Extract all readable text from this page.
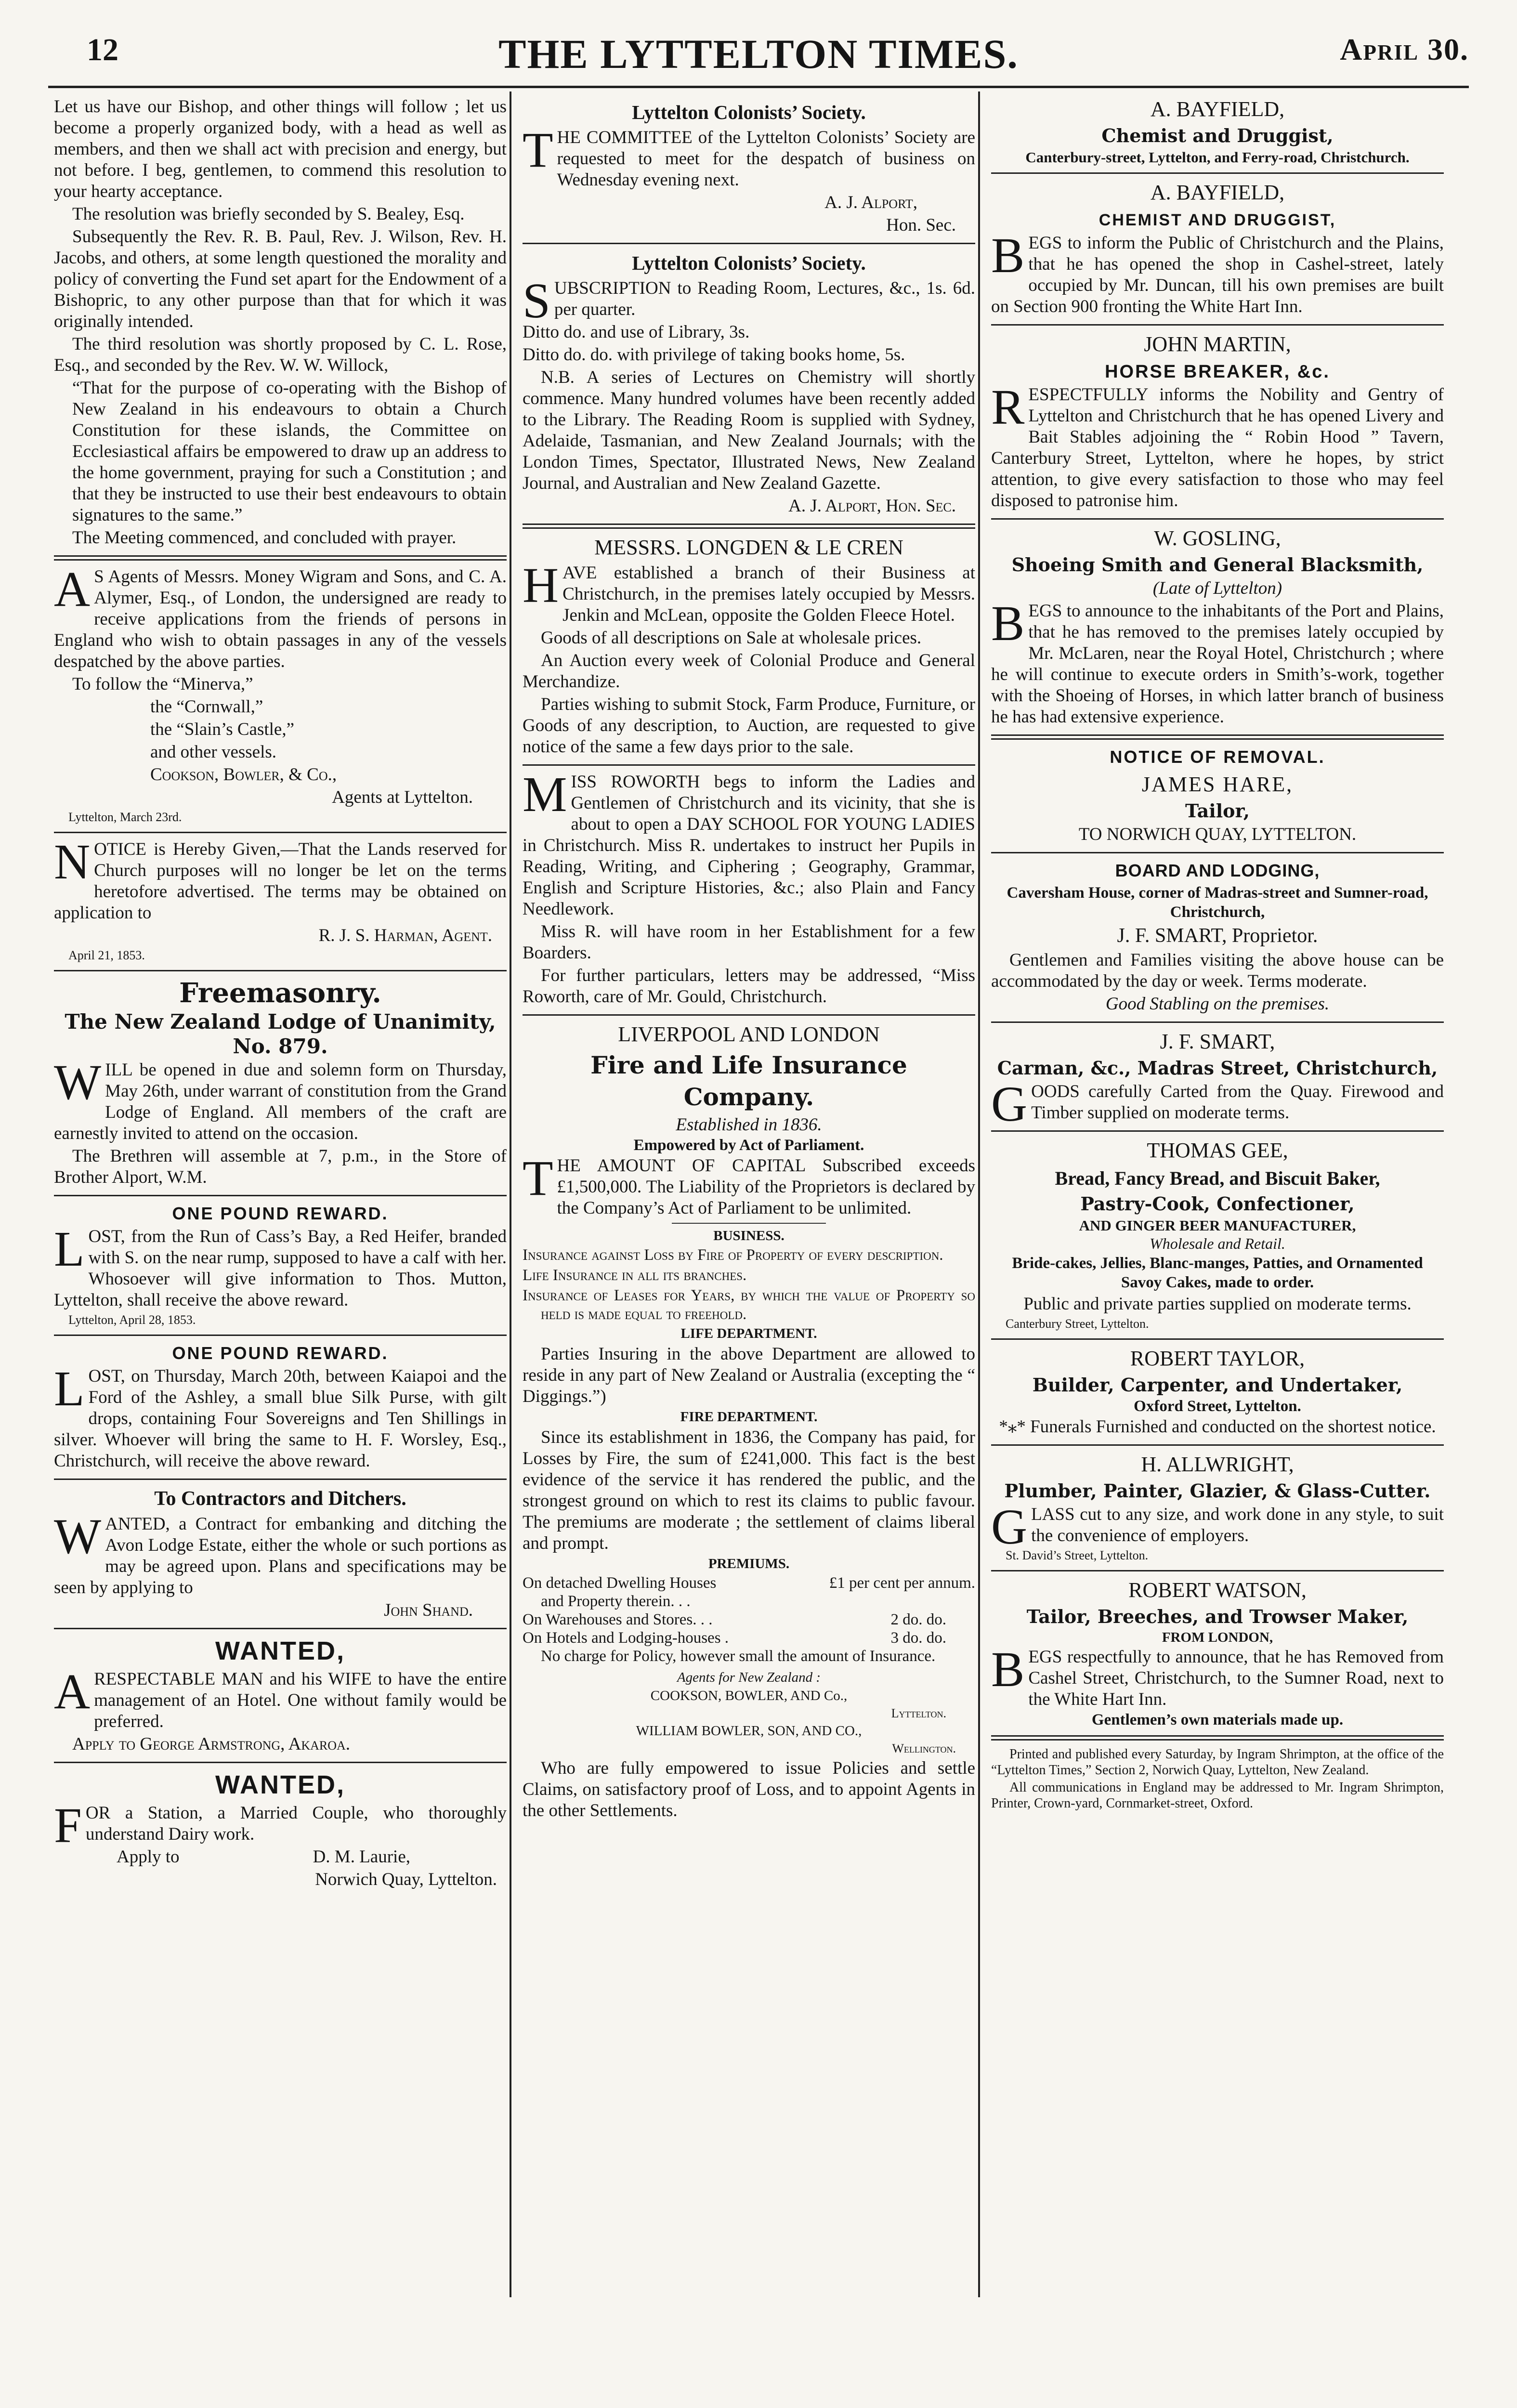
12	THE LYTTELTON TIMES.	April 30.

Let us have our Bishop, and other things will follow ; let us become a properly organized body, with a head as well as members, and then we shall act with precision and energy, but not before. I beg, gentlemen, to commend this resolution to your hearty acceptance.

The resolution was briefly seconded by S. Bealey, Esq.

Subsequently the Rev. R. B. Paul, Rev. J. Wilson, Rev. H. Jacobs, and others, at some length questioned the morality and policy of converting the Fund set apart for the Endowment of a Bishopric, to any other purpose than that for which it was originally intended.

The third resolution was shortly proposed by C. L. Rose, Esq., and seconded by the Rev. W. W. Willock,

“That for the purpose of co-operating with the Bishop of New Zealand in his endeavours to obtain a Church Constitution for these islands, the Committee on Ecclesiastical affairs be empowered to draw up an address to the home government, praying for such a Constitution ; and that they be instructed to use their best endeavours to obtain signatures to the same.”

The Meeting commenced, and concluded with prayer.

A S Agents of Messrs. Money Wigram and Sons, and C. A. Alymer, Esq., of London, the undersigned are ready to receive applications from the friends of persons in England who wish to obtain passages in any of the vessels despatched by the above parties.

To follow the “Minerva,”

the “Cornwall,”

the “Slain’s Castle,”

and other vessels.

Cookson, Bowler, & Co.,

Agents at Lyttelton.

Lyttelton, March 23rd.

NOTICE is Hereby Given,—That the Lands reserved for Church purposes will no longer be let on the terms heretofore advertised. The terms may be obtained on application to

R. J. S. Harman, Agent.

April 21, 1853.

Freemasonry.

The New Zealand Lodge of Unanimity,

No. 879.

WILL be opened in due and solemn form on Thursday, May 26th, under warrant of constitution from the Grand Lodge of England. All members of the craft are earnestly invited to attend on the occasion.

The Brethren will assemble at 7, p.m., in the Store of Brother Alport, W.M.

ONE POUND REWARD.

LOST, from the Run of Cass’s Bay, a Red Heifer, branded with S. on the near rump, supposed to have a calf with her. Whosoever will give information to Thos. Mutton, Lyttelton, shall receive the above reward.

Lyttelton, April 28, 1853.

ONE POUND REWARD.

LOST, on Thursday, March 20th, between Kaiapoi and the Ford of the Ashley, a small blue Silk Purse, with gilt drops, containing Four Sovereigns and Ten Shillings in silver. Whoever will bring the same to H. F. Worsley, Esq., Christchurch, will receive the above reward.

To Contractors and Ditchers.

WANTED, a Contract for embanking and ditching the Avon Lodge Estate, either the whole or such portions as may be agreed upon. Plans and specifications may be seen by applying to

John Shand.

WANTED,

ARESPECTABLE MAN and his WIFE to have the entire management of an Hotel. One without family would be preferred.

Apply to George Armstrong, Akaroa.

WANTED,

FOR a Station, a Married Couple, who thoroughly understand Dairy work.

Apply to	D. M. Laurie,

Norwich Quay, Lyttelton.

Lyttelton Colonists’ Society.

THE COMMITTEE of the Lyttelton Colonists’ Society are requested to meet for the despatch of business on Wednesday evening next.

A. J. Alport,

Hon. Sec.

Lyttelton Colonists’ Society.

SUBSCRIPTION to Reading Room, Lectures, &c., 1s. 6d. per quarter.

Ditto do. and use of Library, 3s.

Ditto do. do. with privilege of taking books home, 5s.

N.B. A series of Lectures on Chemistry will shortly commence. Many hundred volumes have been recently added to the Library. The Reading Room is supplied with Sydney, Adelaide, Tasmanian, and New Zealand Journals; with the London Times, Spectator, Illustrated News, New Zealand Journal, and Australian and New Zealand Gazette.

A. J. Alport, Hon. Sec.

MESSRS. LONGDEN & LE CREN

HAVE established a branch of their Business at Christchurch, in the premises lately occupied by Messrs. Jenkin and McLean, opposite the Golden Fleece Hotel.

Goods of all descriptions on Sale at wholesale prices.

An Auction every week of Colonial Produce and General Merchandize.

Parties wishing to submit Stock, Farm Produce, Furniture, or Goods of any description, to Auction, are requested to give notice of the same a few days prior to the sale.

MISS ROWORTH begs to inform the Ladies and Gentlemen of Christchurch and its vicinity, that she is about to open a DAY SCHOOL FOR YOUNG LADIES in Christchurch. Miss R. undertakes to instruct her Pupils in Reading, Writing, and Ciphering ; Geography, Grammar, English and Scripture Histories, &c.; also Plain and Fancy Needlework.

Miss R. will have room in her Establishment for a few Boarders.

For further particulars, letters may be addressed, “Miss Roworth, care of Mr. Gould, Christchurch.

LIVERPOOL AND LONDON

Fire and Life Insurance Company.

Established in 1836.

Empowered by Act of Parliament.

THE AMOUNT OF CAPITAL Subscribed exceeds £1,500,000. The Liability of the Proprietors is declared by the Company’s Act of Parliament to be unlimited.

BUSINESS.

Insurance against Loss by Fire of Property of every description.

Life Insurance in all its branches.

Insurance of Leases for Years, by which the value of Property so held is made equal to freehold.

LIFE DEPARTMENT.

Parties Insuring in the above Department are allowed to reside in any part of New Zealand or Australia (excepting the “ Diggings.”)

FIRE DEPARTMENT.

Since its establishment in 1836, the Company has paid, for Losses by Fire, the sum of £241,000. This fact is the best evidence of the service it has rendered the public, and the strongest ground on which to rest its claims to public favour. The premiums are moderate ; the settlement of claims liberal and prompt.

PREMIUMS.

On detached Dwelling Houses	£1 per cent per annum.
and Property therein. . .
On Warehouses and Stores. . .	2 do. do.
On Hotels and Lodging-houses .	3 do. do.
No charge for Policy, however small the amount of Insurance.

Agents for New Zealand :

COOKSON, BOWLER, AND Co.,

Lyttelton.

WILLIAM BOWLER, SON, AND CO.,

Wellington.

Who are fully empowered to issue Policies and settle Claims, on satisfactory proof of Loss, and to appoint Agents in the other Settlements.

A. BAYFIELD,

Chemist and Druggist,

Canterbury-street, Lyttelton, and Ferry-road, Christchurch.

A. BAYFIELD,

CHEMIST AND DRUGGIST,

BEGS to inform the Public of Christchurch and the Plains, that he has opened the shop in Cashel-street, lately occupied by Mr. Duncan, till his own premises are built on Section 900 fronting the White Hart Inn.

JOHN MARTIN,

HORSE BREAKER, &c.

RESPECTFULLY informs the Nobility and Gentry of Lyttelton and Christchurch that he has opened Livery and Bait Stables adjoining the “ Robin Hood ” Tavern, Canterbury Street, Lyttelton, where he hopes, by strict attention, to give every satisfaction to those who may feel disposed to patronise him.

W. GOSLING,

Shoeing Smith and General Blacksmith,

(Late of Lyttelton)

BEGS to announce to the inhabitants of the Port and Plains, that he has removed to the premises lately occupied by Mr. McLaren, near the Royal Hotel, Christchurch ; where he will continue to execute orders in Smith’s-work, together with the Shoeing of Horses, in which latter branch of business he has had extensive experience.

NOTICE OF REMOVAL.

JAMES HARE,

Tailor,

TO NORWICH QUAY, LYTTELTON.

BOARD AND LODGING,

Caversham House, corner of Madras-street and Sumner-road, Christchurch,

J. F. SMART, Proprietor.

Gentlemen and Families visiting the above house can be accommodated by the day or week. Terms moderate.

Good Stabling on the premises.

J. F. SMART,

Carman, &c., Madras Street, Christchurch,

GOODS carefully Carted from the Quay. Firewood and Timber supplied on moderate terms.

THOMAS GEE,

Bread, Fancy Bread, and Biscuit Baker,

Pastry-Cook, Confectioner,

AND GINGER BEER MANUFACTURER,

Wholesale and Retail.

Bride-cakes, Jellies, Blanc-manges, Patties, and Ornamented Savoy Cakes, made to order.

Public and private parties supplied on moderate terms.

Canterbury Street, Lyttelton.

ROBERT TAYLOR,

Builder, Carpenter, and Undertaker,

Oxford Street, Lyttelton.

*⁎* Funerals Furnished and conducted on the shortest notice.

H. ALLWRIGHT,

Plumber, Painter, Glazier, & Glass-Cutter.

GLASS cut to any size, and work done in any style, to suit the convenience of employers.

St. David’s Street, Lyttelton.

ROBERT WATSON,

Tailor, Breeches, and Trowser Maker,

FROM LONDON,

BEGS respectfully to announce, that he has Removed from Cashel Street, Christchurch, to the Sumner Road, next to the White Hart Inn.

Gentlemen’s own materials made up.

Printed and published every Saturday, by Ingram Shrimpton, at the office of the “Lyttelton Times,” Section 2, Norwich Quay, Lyttelton, New Zealand.

All communications in England may be addressed to Mr. Ingram Shrimpton, Printer, Crown-yard, Cornmarket-street, Oxford.
